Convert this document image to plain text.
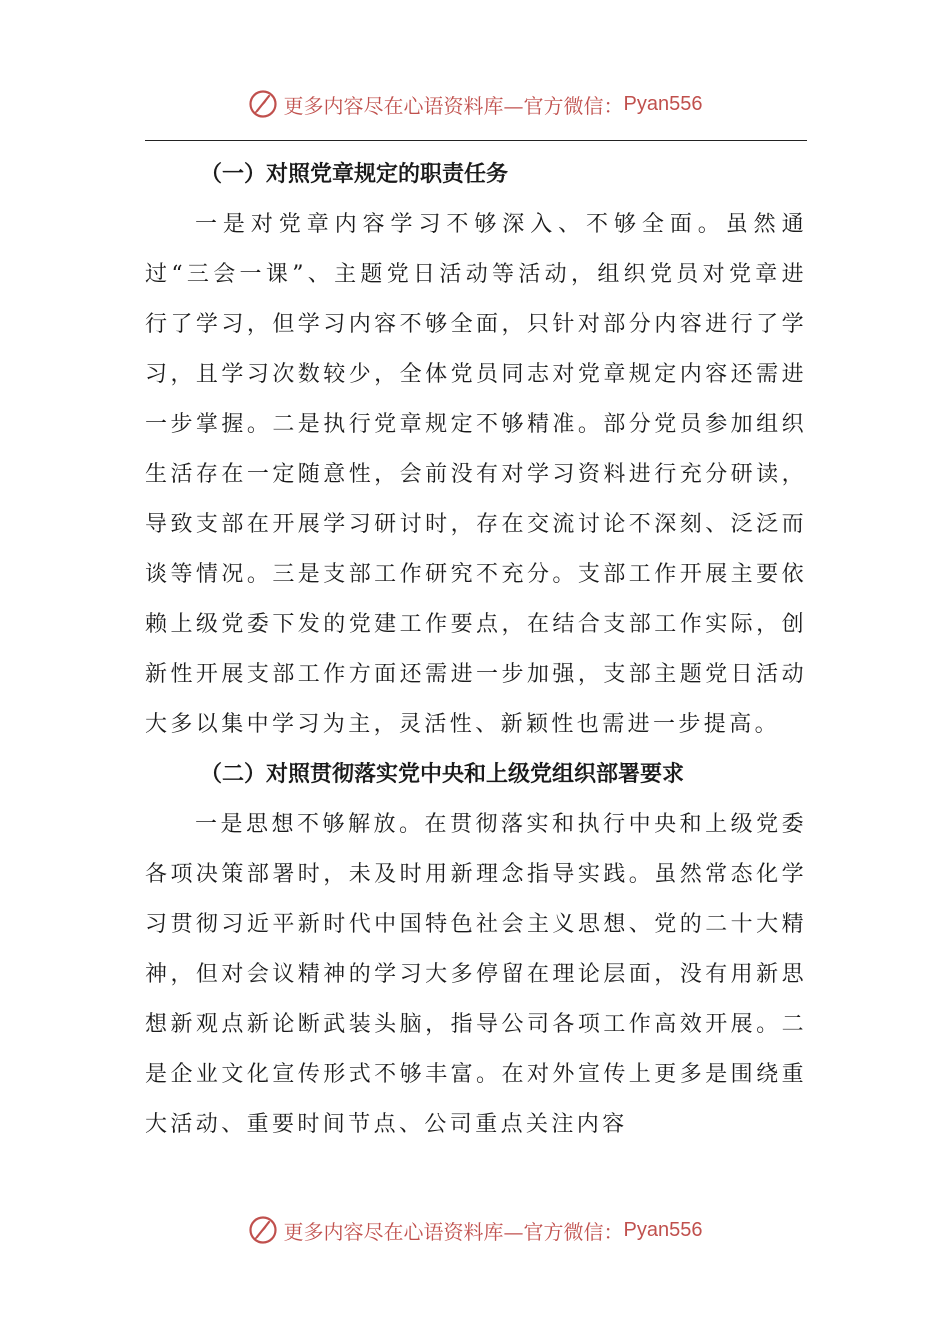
更多内容尽在心语资料库—官方微信： Pyan556
（一）对照党章规定的职责任务

一是对党章内容学习不够深入、不够全面。虽然通过“三会一课”、主题党日活动等活动，组织党员对党章进行了学习，但学习内容不够全面，只针对部分内容进行了学习，且学习次数较少，全体党员同志对党章规定内容还需进一步掌握。二是执行党章规定不够精准。部分党员参加组织生活存在一定随意性，会前没有对学习资料进行充分研读，导致支部在开展学习研讨时，存在交流讨论不深刻、泛泛而谈等情况。三是支部工作研究不充分。支部工作开展主要依赖上级党委下发的党建工作要点，在结合支部工作实际，创新性开展支部工作方面还需进一步加强，支部主题党日活动大多以集中学习为主，灵活性、新颖性也需进一步提高。

（二）对照贯彻落实党中央和上级党组织部署要求

一是思想不够解放。在贯彻落实和执行中央和上级党委各项决策部署时，未及时用新理念指导实践。虽然常态化学习贯彻习近平新时代中国特色社会主义思想、党的二十大精神，但对会议精神的学习大多停留在理论层面，没有用新思想新观点新论断武装头脑，指导公司各项工作高效开展。二是企业文化宣传形式不够丰富。在对外宣传上更多是围绕重大活动、重要时间节点、公司重点关注内容

更多内容尽在心语资料库—官方微信： Pyan556
